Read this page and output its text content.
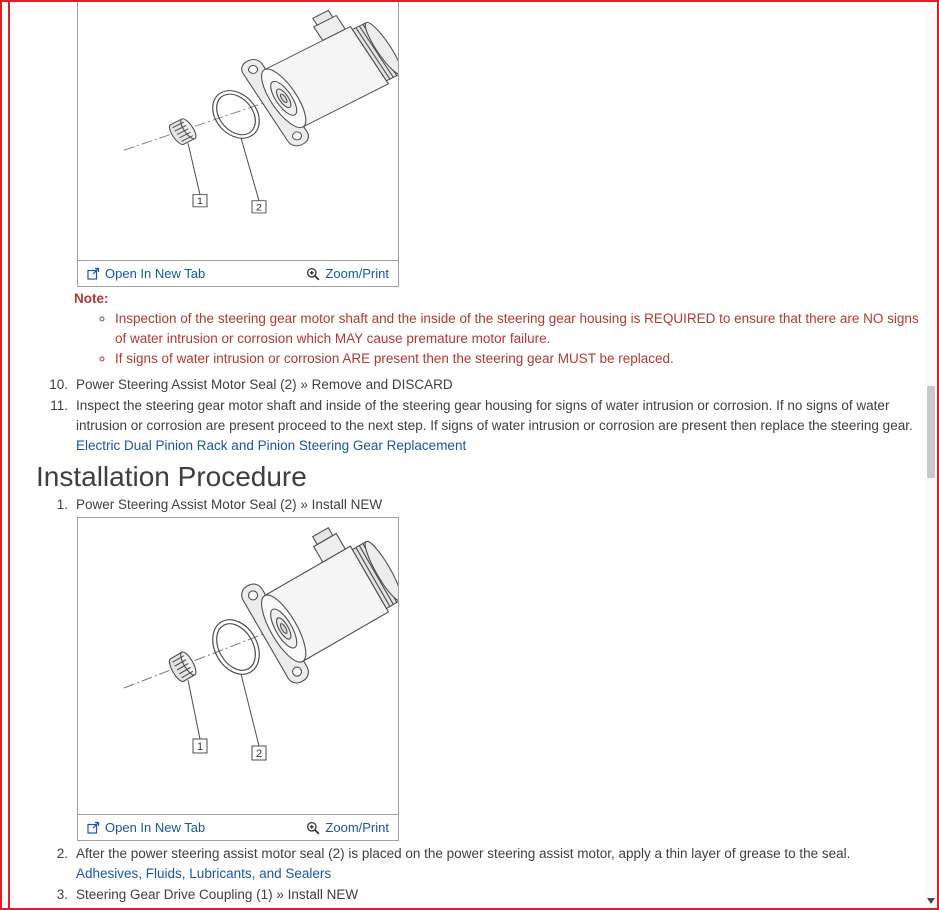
Open In New Tab	Zoom/Print
Note:
◦ Inspection of the steering gear motor shaft and the inside of the steering gear housing is REQUIRED to ensure that there are NO signs of water intrusion or corrosion which MAY cause premature motor failure.
◦ If signs of water intrusion or corrosion ARE present then the steering gear MUST be replaced.
10. Power Steering Assist Motor Seal (2) » Remove and DISCARD
11. Inspect the steering gear motor shaft and inside of the steering gear housing for signs of water intrusion or corrosion. If no signs of water intrusion or corrosion are present proceed to the next step. If signs of water intrusion or corrosion are present then replace the steering gear. Electric Dual Pinion Rack and Pinion Steering Gear Replacement
Installation Procedure
1. Power Steering Assist Motor Seal (2) » Install NEW
Open In New Tab	Zoom/Print
2. After the power steering assist motor seal (2) is placed on the power steering assist motor, apply a thin layer of grease to the seal. Adhesives, Fluids, Lubricants, and Sealers
3. Steering Gear Drive Coupling (1) » Install NEW
